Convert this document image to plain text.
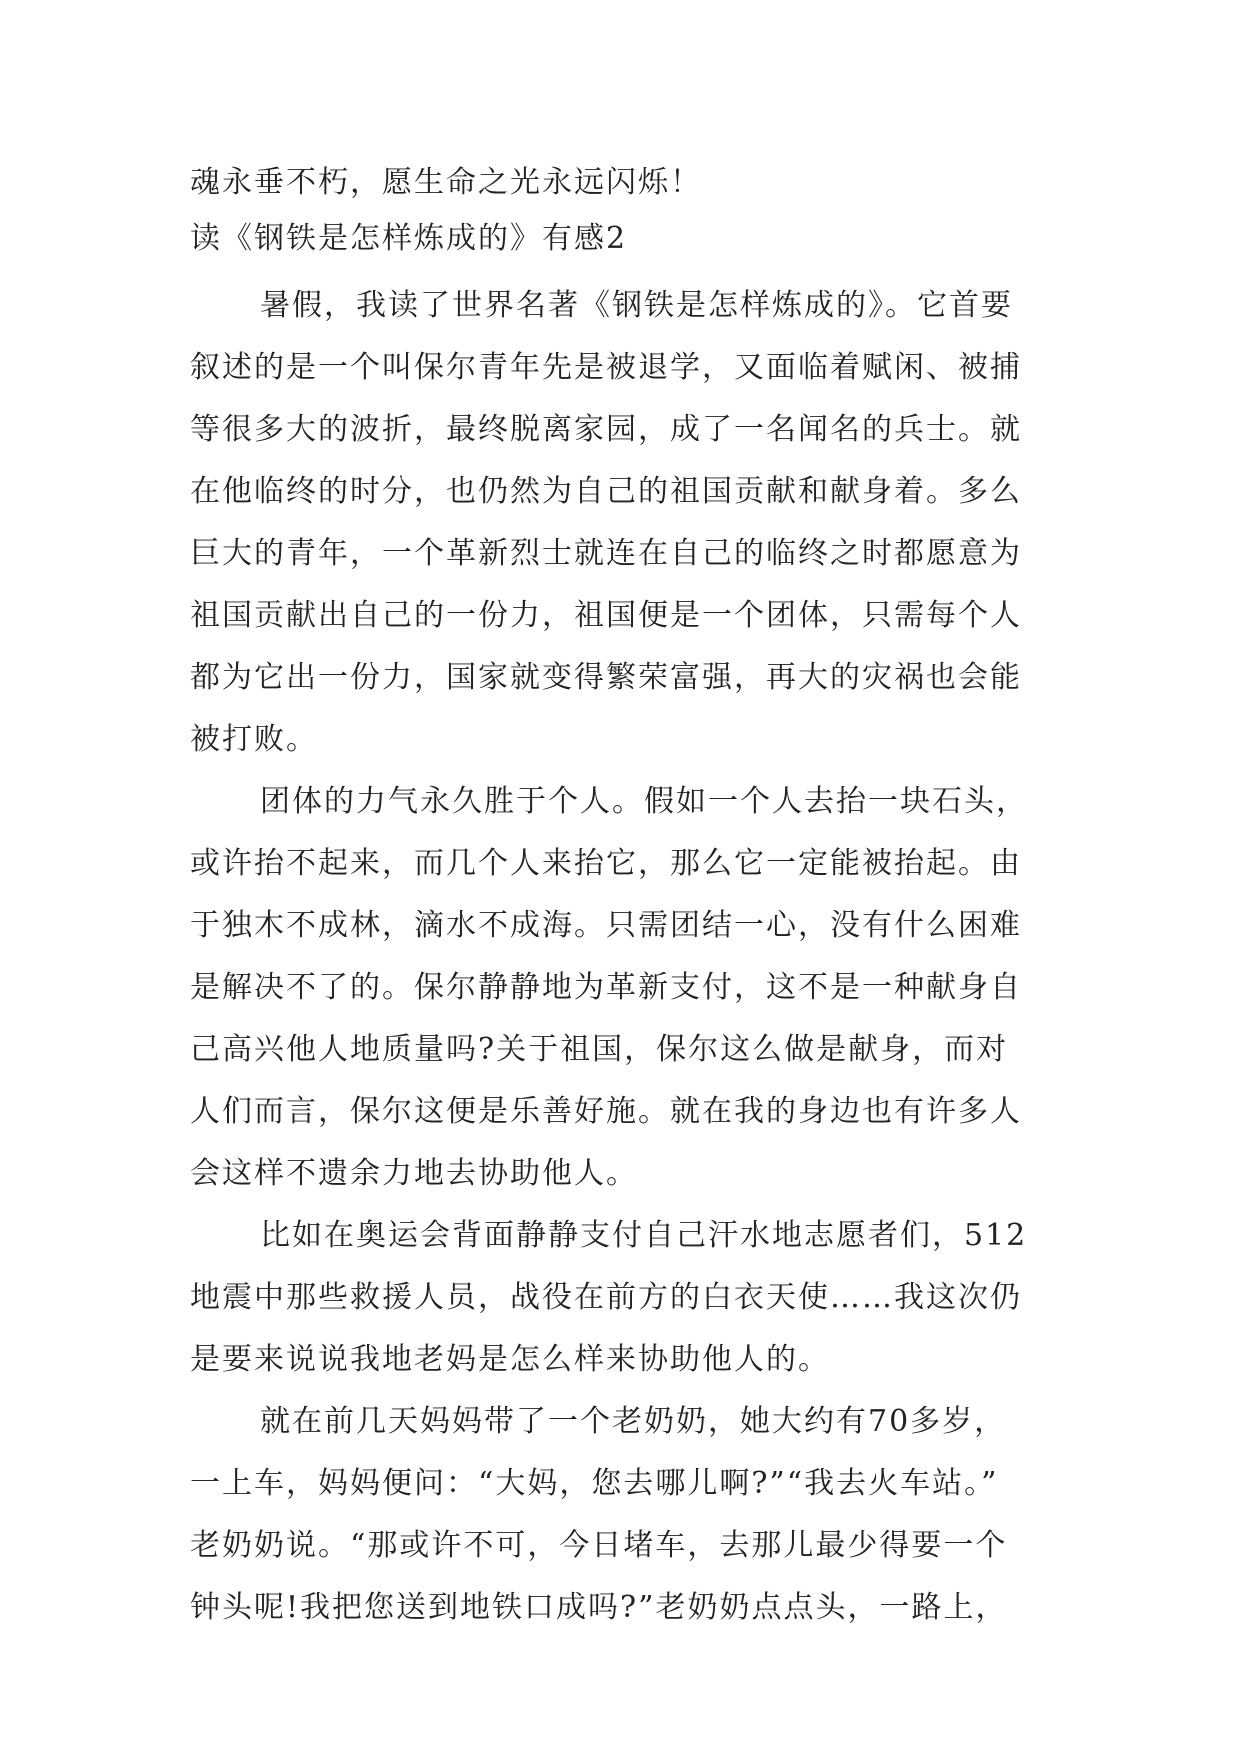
魂永垂不朽，愿生命之光永远闪烁！
读《钢铁是怎样炼成的》有感2
暑假，我读了世界名著《钢铁是怎样炼成的》。它首要
叙述的是一个叫保尔青年先是被退学，又面临着赋闲、被捕
等很多大的波折，最终脱离家园，成了一名闻名的兵士。就
在他临终的时分，也仍然为自己的祖国贡献和献身着。多么
巨大的青年，一个革新烈士就连在自己的临终之时都愿意为
祖国贡献出自己的一份力，祖国便是一个团体，只需每个人
都为它出一份力，国家就变得繁荣富强，再大的灾祸也会能
被打败。
团体的力气永久胜于个人。假如一个人去抬一块石头，
或许抬不起来，而几个人来抬它，那么它一定能被抬起。由
于独木不成林，滴水不成海。只需团结一心，没有什么困难
是解决不了的。保尔静静地为革新支付，这不是一种献身自
己高兴他人地质量吗?关于祖国，保尔这么做是献身，而对
人们而言，保尔这便是乐善好施。就在我的身边也有许多人
会这样不遗余力地去协助他人。
比如在奥运会背面静静支付自己汗水地志愿者们，512
地震中那些救援人员，战役在前方的白衣天使……我这次仍
是要来说说我地老妈是怎么样来协助他人的。
就在前几天妈妈带了一个老奶奶，她大约有70多岁，
一上车，妈妈便问：“大妈，您去哪儿啊?”“我去火车站。”
老奶奶说。“那或许不可，今日堵车，去那儿最少得要一个
钟头呢!我把您送到地铁口成吗?”老奶奶点点头，一路上，
